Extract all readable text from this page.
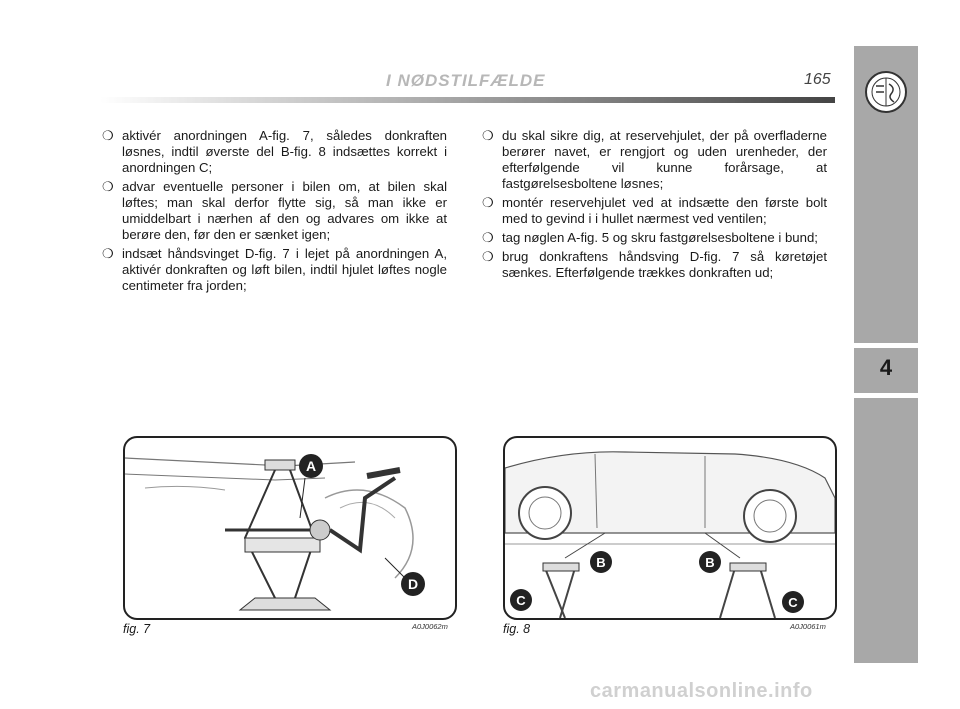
I NØDSTILFÆLDE	165

❍ aktivér anordningen A-fig. 7, således donkraften løsnes, indtil øverste del B-fig. 8 indsættes korrekt i anordningen C;

❍ advar eventuelle personer i bilen om, at bilen skal løftes; man skal derfor flytte sig, så man ikke er umiddelbart i nærhen af den og advares om ikke at berøre den, før den er sænket igen;

❍ indsæt håndsvinget D-fig. 7 i lejet på anordningen A, aktivér donkraften og løft bilen, indtil hjulet løftes nogle centimeter fra jorden;

❍ du skal sikre dig, at reservehjulet, der på overfladerne berører navet, er rengjort og uden urenheder, der efterfølgende vil kunne forårsage, at fastgørelsesboltene løsnes;

❍ montér reservehjulet ved at indsætte den første bolt med to gevind i i hullet nærmest ved ventilen;

❍ tag nøglen A-fig. 5 og skru fastgørelsesboltene i bund;

❍ brug donkraftens håndsving D-fig. 7 så køretøjet sænkes. Efterfølgende trækkes donkraften ud;

A
D
fig. 7	A0J0062m
B
C
B
C
fig. 8	A0J0061m
4
carmanualsonline.info
